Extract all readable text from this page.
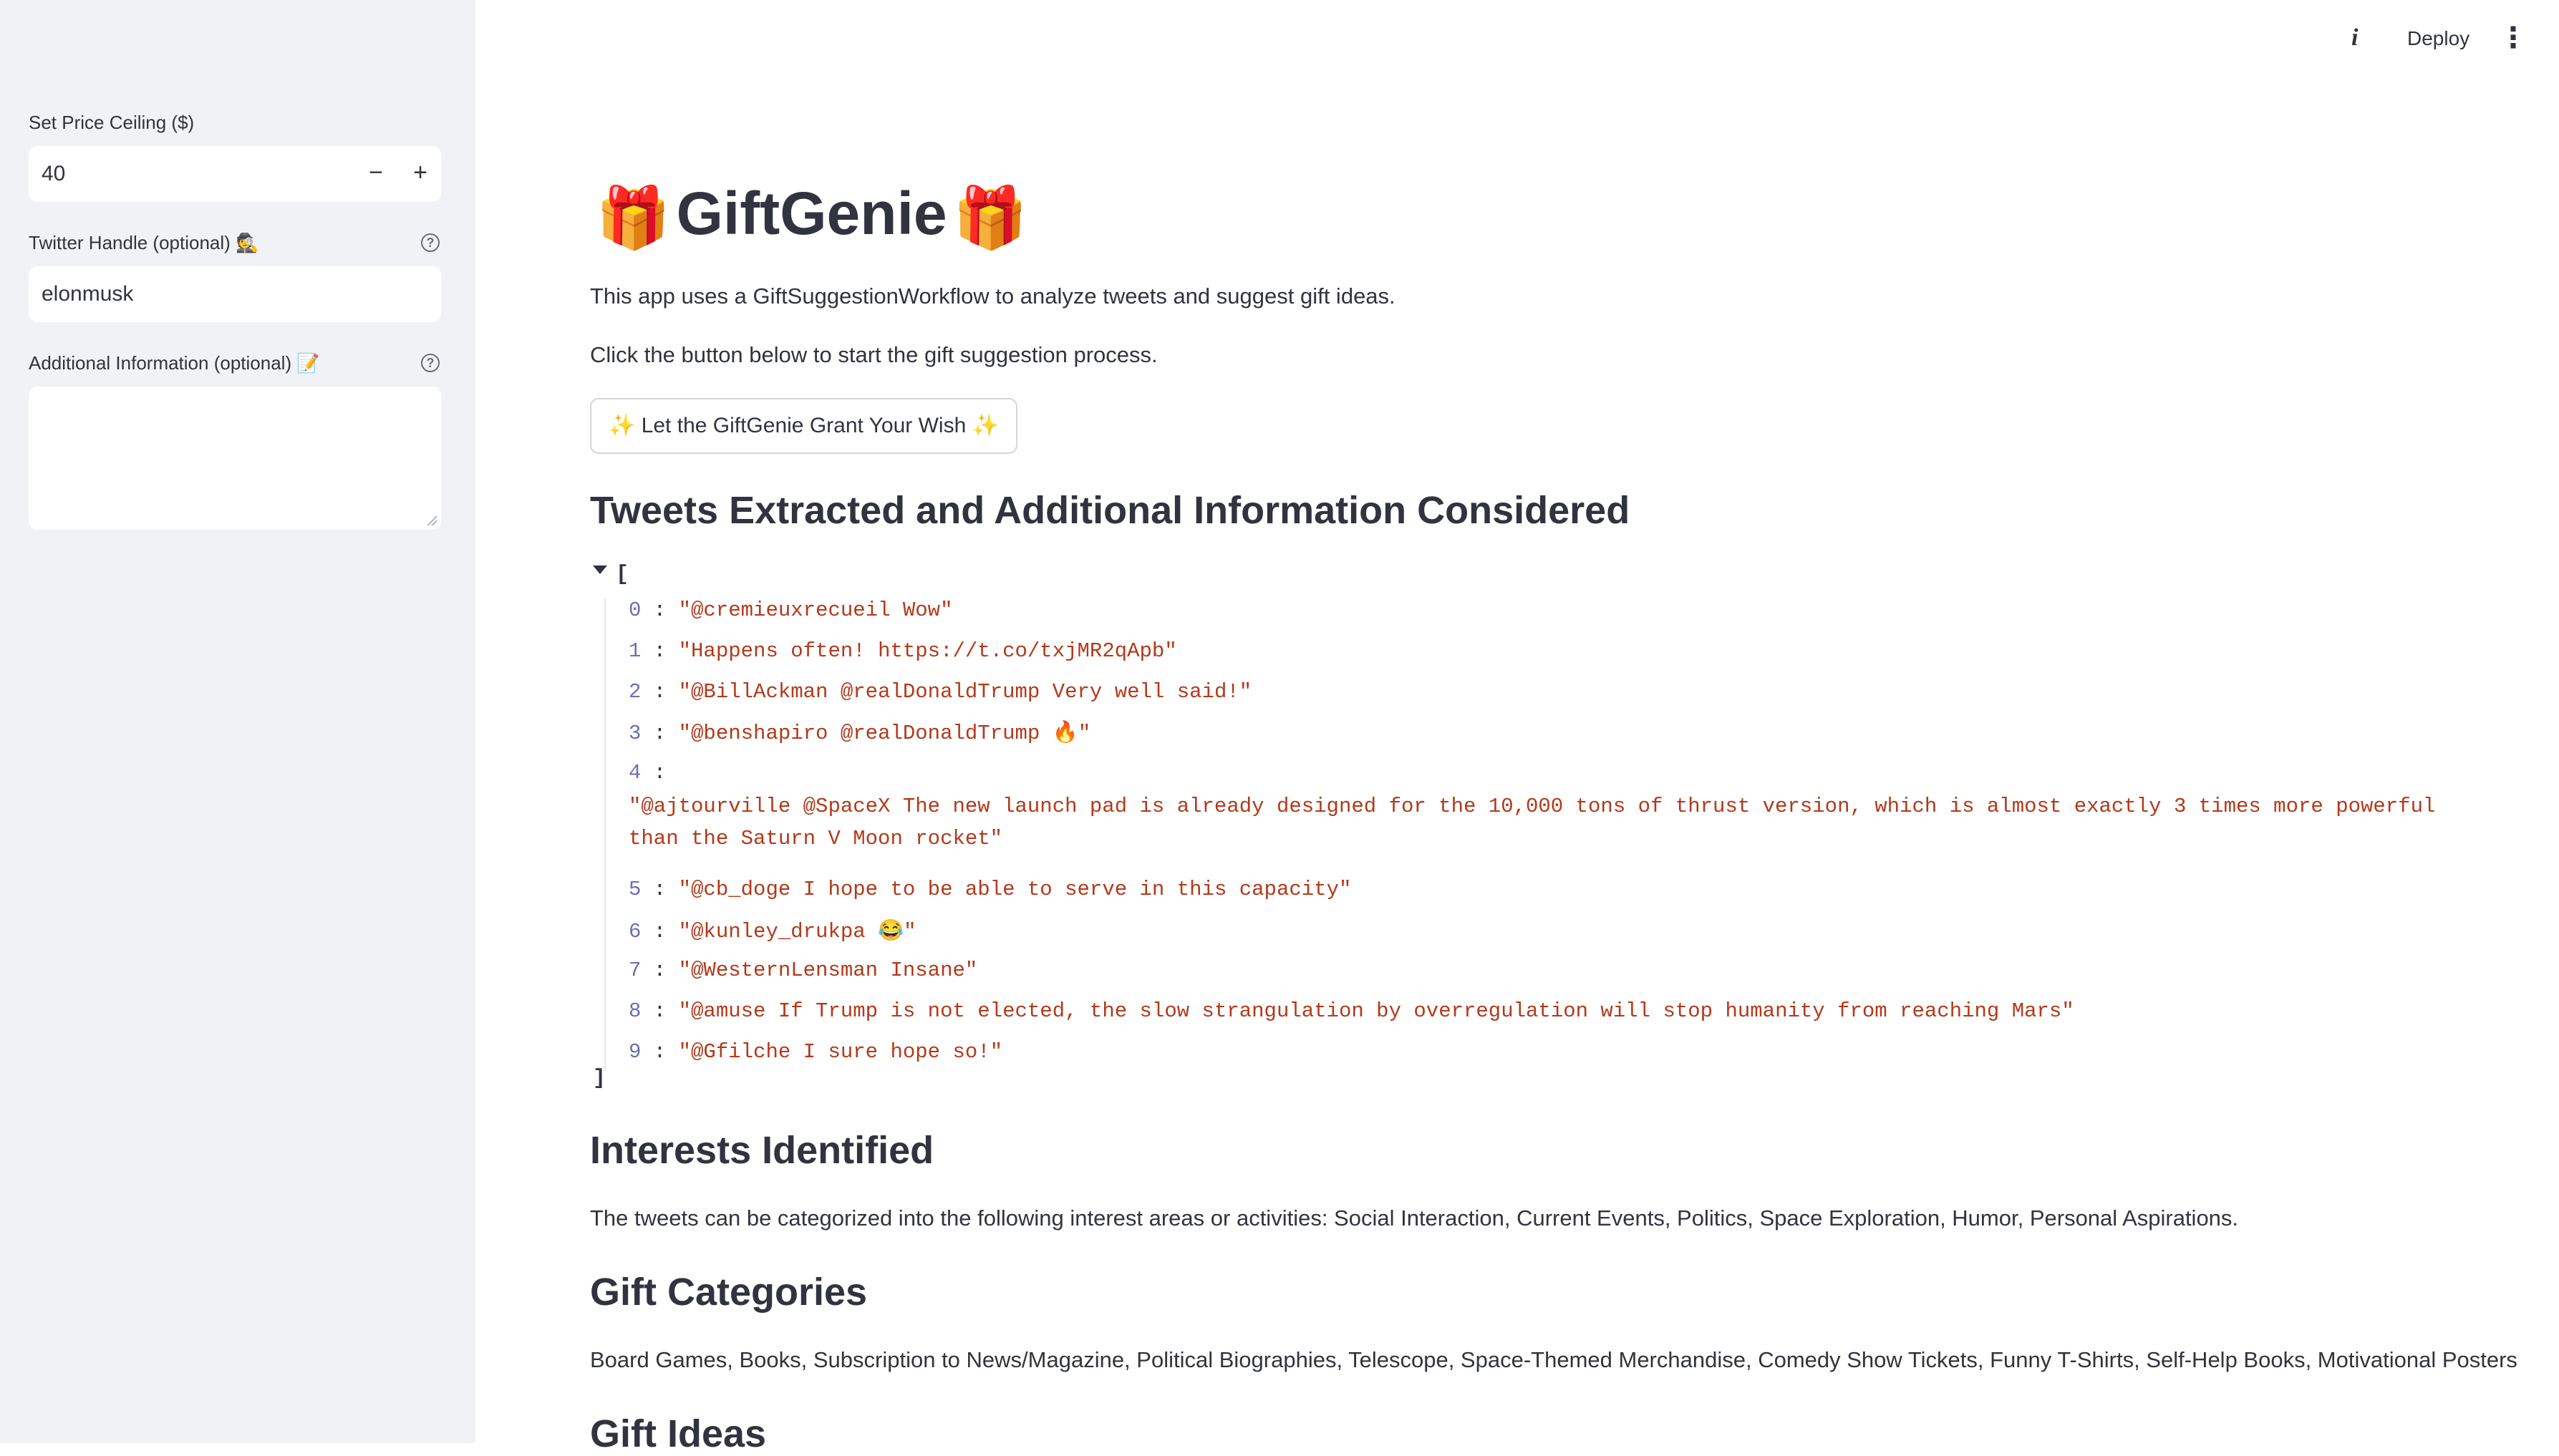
Set Price Ceiling ($)
40
−	+
Twitter Handle (optional) 🕵️	?
elonmusk
Additional Information (optional) 📝	?
i Deploy ⋮
🎁GiftGenie🎁
This app uses a GiftSuggestionWorkflow to analyze tweets and suggest gift ideas.
Click the button below to start the gift suggestion process.
✨ Let the GiftGenie Grant Your Wish ✨
Tweets Extracted and Additional Information Considered
[
0 : "@cremieuxrecueil Wow"
1 : "Happens often! https://t.co/txjMR2qApb"
2 : "@BillAckman @realDonaldTrump Very well said!"
3 : "@benshapiro @realDonaldTrump 🔥"
4 :
"@ajtourville @SpaceX The new launch pad is already designed for the 10,000 tons of thrust version, which is almost exactly 3 times more powerful than the Saturn V Moon rocket"
5 : "@cb_doge I hope to be able to serve in this capacity"
6 : "@kunley_drukpa 😂"
7 : "@WesternLensman Insane"
8 : "@amuse If Trump is not elected, the slow strangulation by overregulation will stop humanity from reaching Mars"
9 : "@Gfilche I sure hope so!"
]
Interests Identified
The tweets can be categorized into the following interest areas or activities: Social Interaction, Current Events, Politics, Space Exploration, Humor, Personal Aspirations.
Gift Categories
Board Games, Books, Subscription to News/Magazine, Political Biographies, Telescope, Space-Themed Merchandise, Comedy Show Tickets, Funny T-Shirts, Self-Help Books, Motivational Posters
Gift Ideas
